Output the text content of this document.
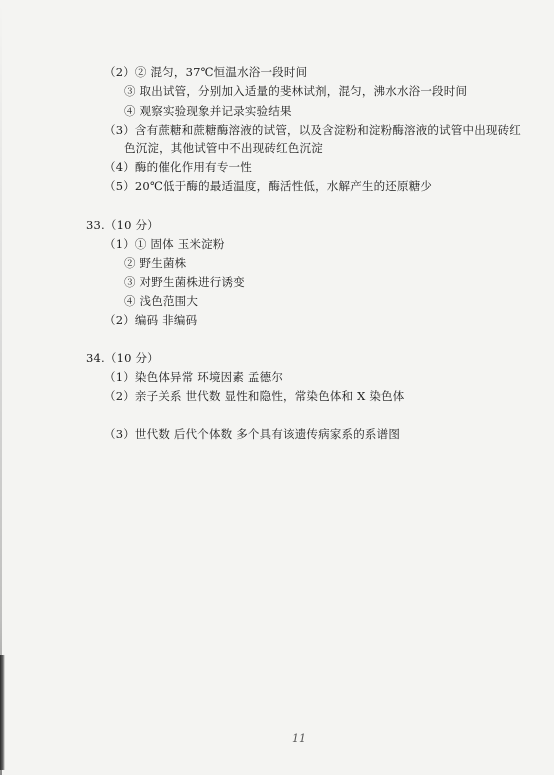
（2）② 混匀，37℃恒温水浴一段时间
③ 取出试管，分别加入适量的斐林试剂，混匀，沸水水浴一段时间
④ 观察实验现象并记录实验结果
（3）含有蔗糖和蔗糖酶溶液的试管，以及含淀粉和淀粉酶溶液的试管中出现砖红
色沉淀，其他试管中不出现砖红色沉淀
（4）酶的催化作用有专一性
（5）20℃低于酶的最适温度，酶活性低，水解产生的还原糖少
33.（10 分）
（1）① 固体 玉米淀粉
② 野生菌株
③ 对野生菌株进行诱变
④ 浅色范围大
（2）编码 非编码
34.（10 分）
（1）染色体异常 环境因素 孟德尔
（2）亲子关系 世代数 显性和隐性，常染色体和 X 染色体
（3）世代数 后代个体数 多个具有该遗传病家系的系谱图
11
